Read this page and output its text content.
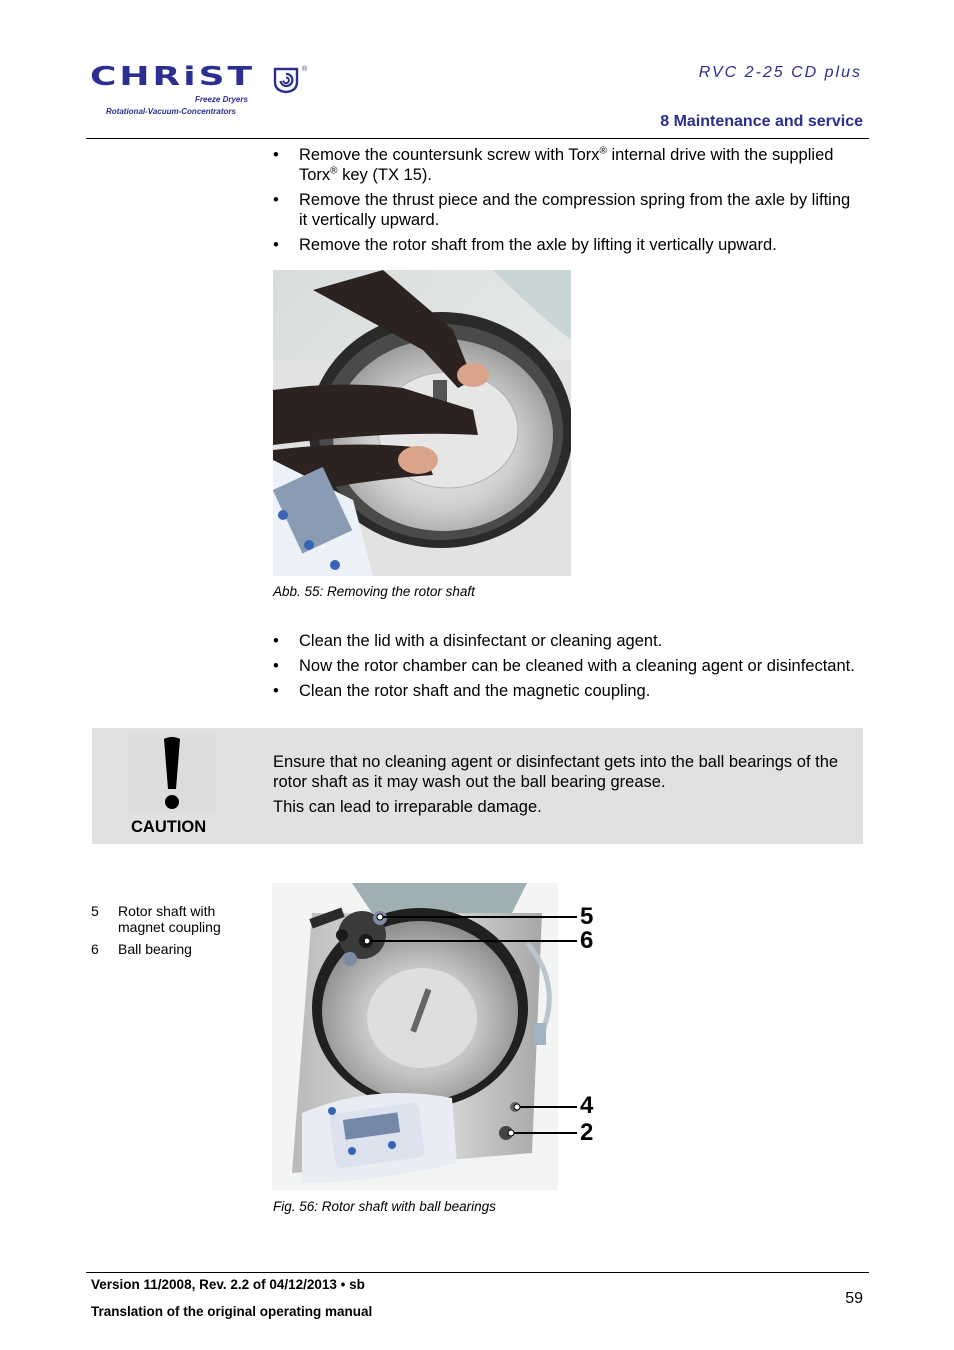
CHRiST
Freeze Dryers
Rotational-Vacuum-Concentrators
®	RVC 2-25 CD plus
8 Maintenance and service
• Remove the countersunk screw with Torx® internal drive with the supplied Torx® key (TX 15).
• Remove the thrust piece and the compression spring from the axle by lifting it vertically upward.
• Remove the rotor shaft from the axle by lifting it vertically upward.
Abb. 55: Removing the rotor shaft
• Clean the lid with a disinfectant or cleaning agent.
• Now the rotor chamber can be cleaned with a cleaning agent or disinfectant.
• Clean the rotor shaft and the magnetic coupling.
CAUTION

Ensure that no cleaning agent or disinfectant gets into the ball bearings of the rotor shaft as it may wash out the ball bearing grease.

This can lead to irreparable damage.

5	Rotor shaft with magnet coupling
6	Ball bearing
5
6
4
2
Fig. 56: Rotor shaft with ball bearings
Version 11/2008, Rev. 2.2 of 04/12/2013 • sb
Translation of the original operating manual
59
